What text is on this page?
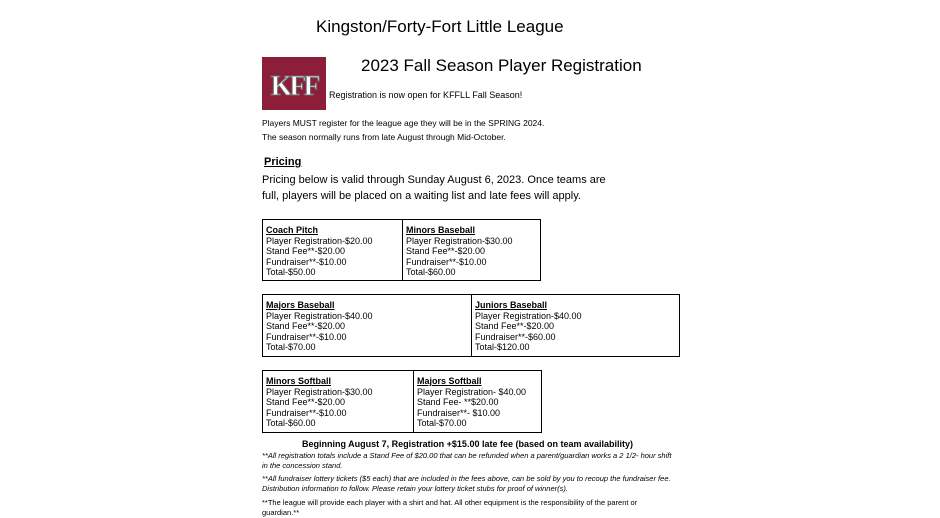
Kingston/Forty-Fort Little League
KFF
2023 Fall Season Player Registration
Registration is now open for KFFLL Fall Season!
Players MUST register for the league age they will be in the SPRING 2024.
The season normally runs from late August through Mid-October.
Pricing
Pricing below is valid through Sunday August 6, 2023. Once teams are
full, players will be placed on a waiting list and late fees will apply.
Coach Pitch
Player Registration-$20.00
Stand Fee**-$20.00
Fundraiser**-$10.00
Total-$50.00
Minors Baseball
Player Registration-$30.00
Stand Fee**-$20.00
Fundraiser**-$10.00
Total-$60.00
Majors Baseball
Player Registration-$40.00
Stand Fee**-$20.00
Fundraiser**-$10.00
Total-$70.00
Juniors Baseball
Player Registration-$40.00
Stand Fee**-$20.00
Fundraiser**-$60.00
Total-$120.00
Minors Softball
Player Registration-$30.00
Stand Fee**-$20.00
Fundraiser**-$10.00
Total-$60.00
Majors Softball
Player Registration- $40.00
Stand Fee- **$20.00
Fundraiser**- $10.00
Total-$70.00
Beginning August 7, Registration +$15.00 late fee (based on team availability)
**All registration totals include a Stand Fee of $20.00 that can be refunded when a parent/guardian works a 2 1/2- hour shift in the concession stand.
**All fundraiser lottery tickets ($5 each) that are included in the fees above, can be sold by you to recoup the fundraiser fee. Distribution information to follow. Please retain your lottery ticket stubs for proof of winner(s).
**The league will provide each player with a shirt and hat. All other equipment is the responsibility of the parent or guardian.**
